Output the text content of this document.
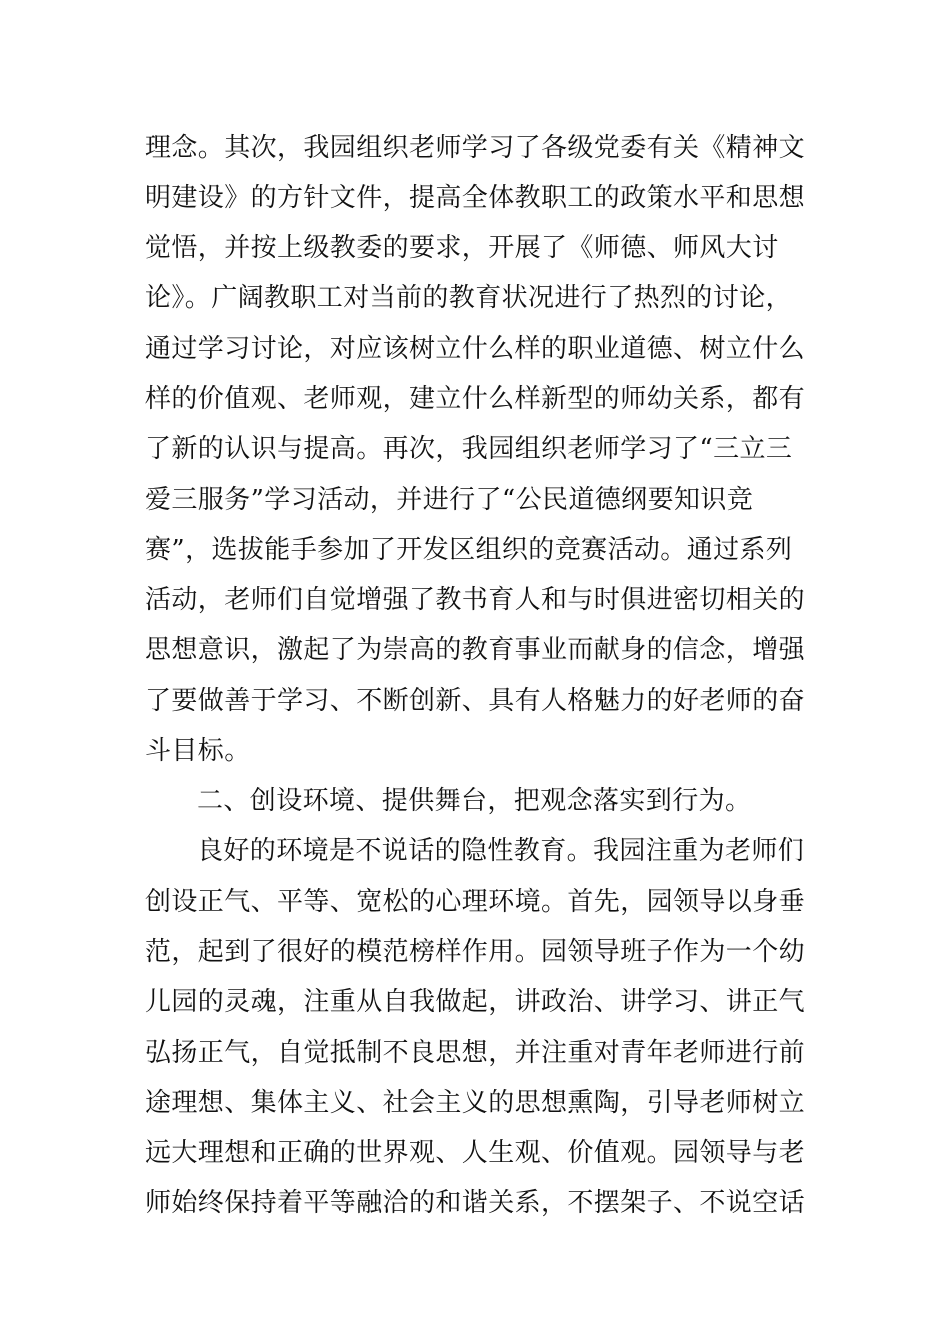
理念。其次，我园组织老师学习了各级党委有关《精神文
明建设》的方针文件，提高全体教职工的政策水平和思想
觉悟，并按上级教委的要求，开展了《师德、师风大讨
论》。广阔教职工对当前的教育状况进行了热烈的讨论，
通过学习讨论，对应该树立什么样的职业道德、树立什么
样的价值观、老师观，建立什么样新型的师幼关系，都有
了新的认识与提高。再次，我园组织老师学习了“三立三
爱三服务”学习活动，并进行了“公民道德纲要知识竞
赛”，选拔能手参加了开发区组织的竞赛活动。通过系列
活动，老师们自觉增强了教书育人和与时俱进密切相关的
思想意识，激起了为崇高的教育事业而献身的信念，增强
了要做善于学习、不断创新、具有人格魅力的好老师的奋
斗目标。
二、创设环境、提供舞台，把观念落实到行为。
良好的环境是不说话的隐性教育。我园注重为老师们
创设正气、平等、宽松的心理环境。首先，园领导以身垂
范，起到了很好的模范榜样作用。园领导班子作为一个幼
儿园的灵魂，注重从自我做起，讲政治、讲学习、讲正气
弘扬正气，自觉抵制不良思想，并注重对青年老师进行前
途理想、集体主义、社会主义的思想熏陶，引导老师树立
远大理想和正确的世界观、人生观、价值观。园领导与老
师始终保持着平等融洽的和谐关系，不摆架子、不说空话
